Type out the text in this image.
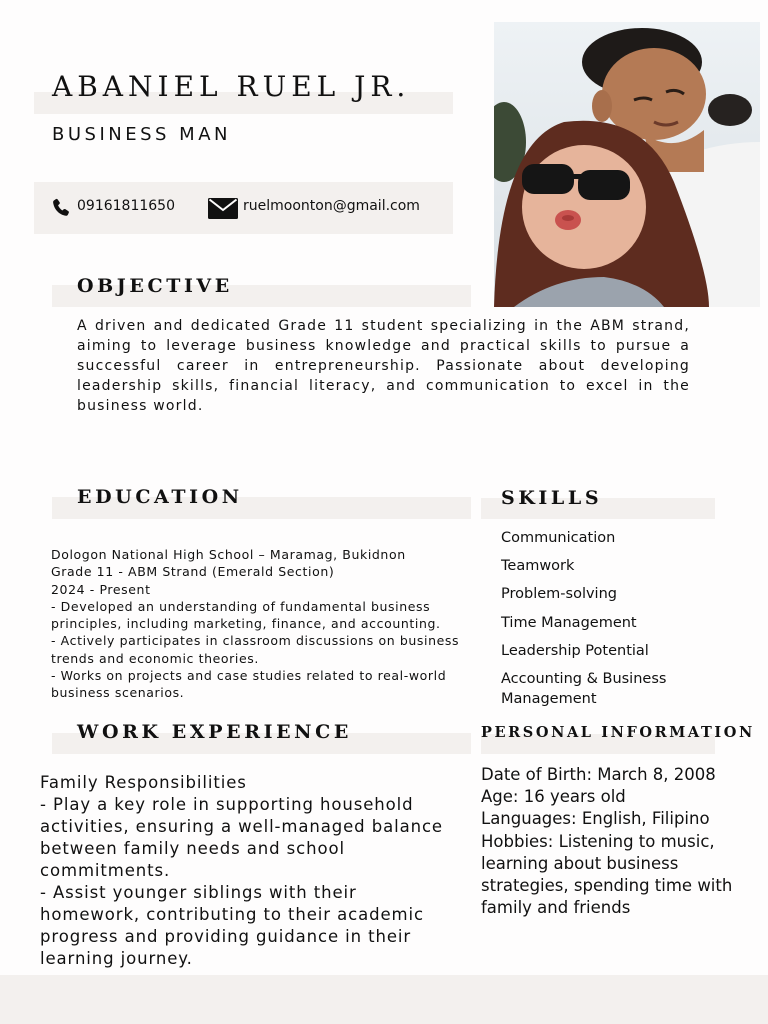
ABANIEL RUEL JR.
BUSINESS MAN
09161811650	ruelmoonton@gmail.com
OBJECTIVE
A driven and dedicated Grade 11 student specializing in the ABM strand, aiming to leverage business knowledge and practical skills to pursue a successful career in entrepreneurship. Passionate about developing leadership skills, financial literacy, and communication to excel in the business world.
EDUCATION
Dologon National High School – Maramag, Bukidnon
Grade 11 - ABM Strand (Emerald Section)
2024 - Present
- Developed an understanding of fundamental business principles, including marketing, finance, and accounting.
- Actively participates in classroom discussions on business trends and economic theories.
- Works on projects and case studies related to real-world business scenarios.
SKILLS
Communication
Teamwork
Problem-solving
Time Management
Leadership Potential
Accounting & Business Management
WORK EXPERIENCE
Family Responsibilities
- Play a key role in supporting household activities, ensuring a well-managed balance between family needs and school commitments.
- Assist younger siblings with their homework, contributing to their academic progress and providing guidance in their learning journey.
PERSONAL INFORMATION
Date of Birth: March 8, 2008
Age: 16 years old
Languages: English, Filipino
Hobbies: Listening to music, learning about business strategies, spending time with family and friends
